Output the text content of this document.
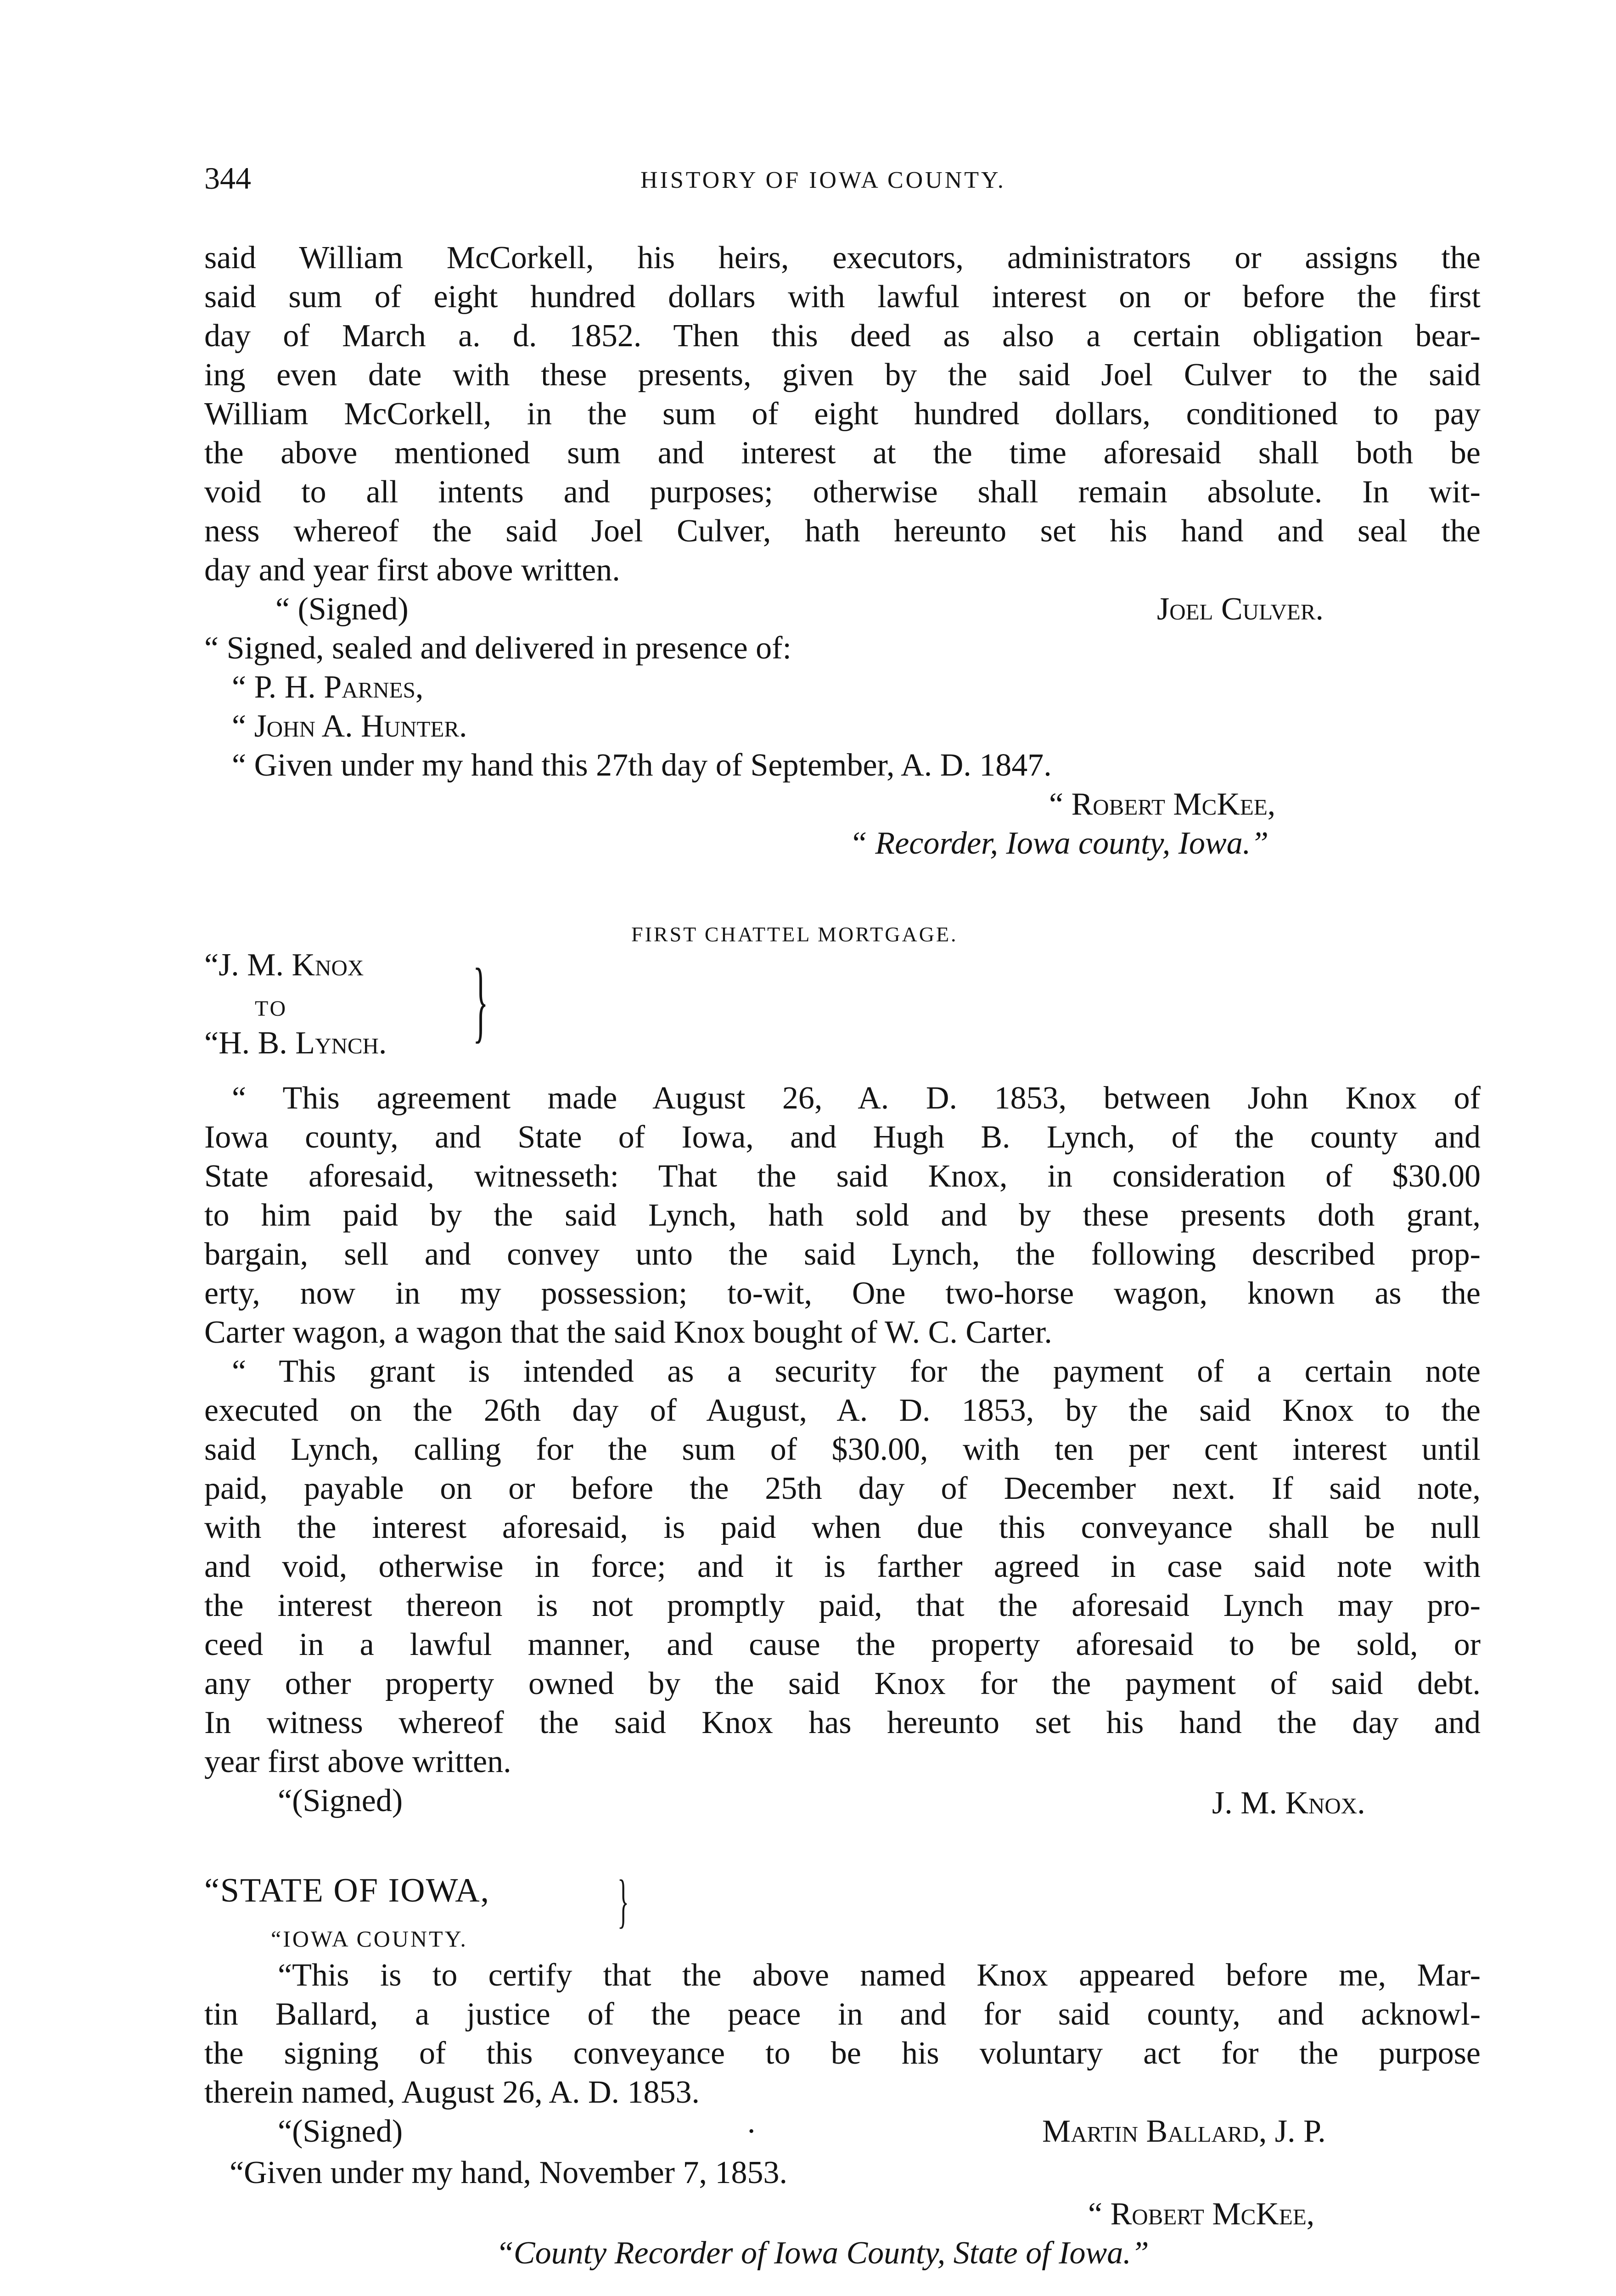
344	HISTORY OF IOWA COUNTY.
said William McCorkell, his heirs, executors, administrators or assigns the
said sum of eight hundred dollars with lawful interest on or before the first
day of March a. d. 1852. Then this deed as also a certain obligation bear-
ing even date with these presents, given by the said Joel Culver to the said
William McCorkell, in the sum of eight hundred dollars, conditioned to pay
the above mentioned sum and interest at the time aforesaid shall both be
void to all intents and purposes; otherwise shall remain absolute. In wit-
ness whereof the said Joel Culver, hath hereunto set his hand and seal the
day and year first above written.
“ (Signed)	Joel Culver.
“ Signed, sealed and delivered in presence of:
“ P. H. Parnes,
“ John A. Hunter.
“ Given under my hand this 27th day of September, A. D. 1847.
“ Robert McKee,
“ Recorder, Iowa county, Iowa.”
FIRST CHATTEL MORTGAGE.
“J. M. Knox
TO
“H. B. Lynch. }
“ This agreement made August 26, A. D. 1853, between John Knox of
Iowa county, and State of Iowa, and Hugh B. Lynch, of the county and
State aforesaid, witnesseth: That the said Knox, in consideration of $30.00
to him paid by the said Lynch, hath sold and by these presents doth grant,
bargain, sell and convey unto the said Lynch, the following described prop-
erty, now in my possession; to-wit, One two-horse wagon, known as the
Carter wagon, a wagon that the said Knox bought of W. C. Carter.
“ This grant is intended as a security for the payment of a certain note
executed on the 26th day of August, A. D. 1853, by the said Knox to the
said Lynch, calling for the sum of $30.00, with ten per cent interest until
paid, payable on or before the 25th day of December next. If said note,
with the interest aforesaid, is paid when due this conveyance shall be null
and void, otherwise in force; and it is farther agreed in case said note with
the interest thereon is not promptly paid, that the aforesaid Lynch may pro-
ceed in a lawful manner, and cause the property aforesaid to be sold, or
any other property owned by the said Knox for the payment of said debt.
In witness whereof the said Knox has hereunto set his hand the day and
year first above written.
“(Signed)	J. M. Knox.
“STATE OF IOWA,
“IOWA COUNTY.
}
“This is to certify that the above named Knox appeared before me, Mar-
tin Ballard, a justice of the peace in and for said county, and acknowl-
the signing of this conveyance to be his voluntary act for the purpose
therein named, August 26, A. D. 1853.
“(Signed)	·	Martin Ballard, J. P.
“Given under my hand, November 7, 1853.
“ Robert McKee,
“County Recorder of Iowa County, State of Iowa.”
